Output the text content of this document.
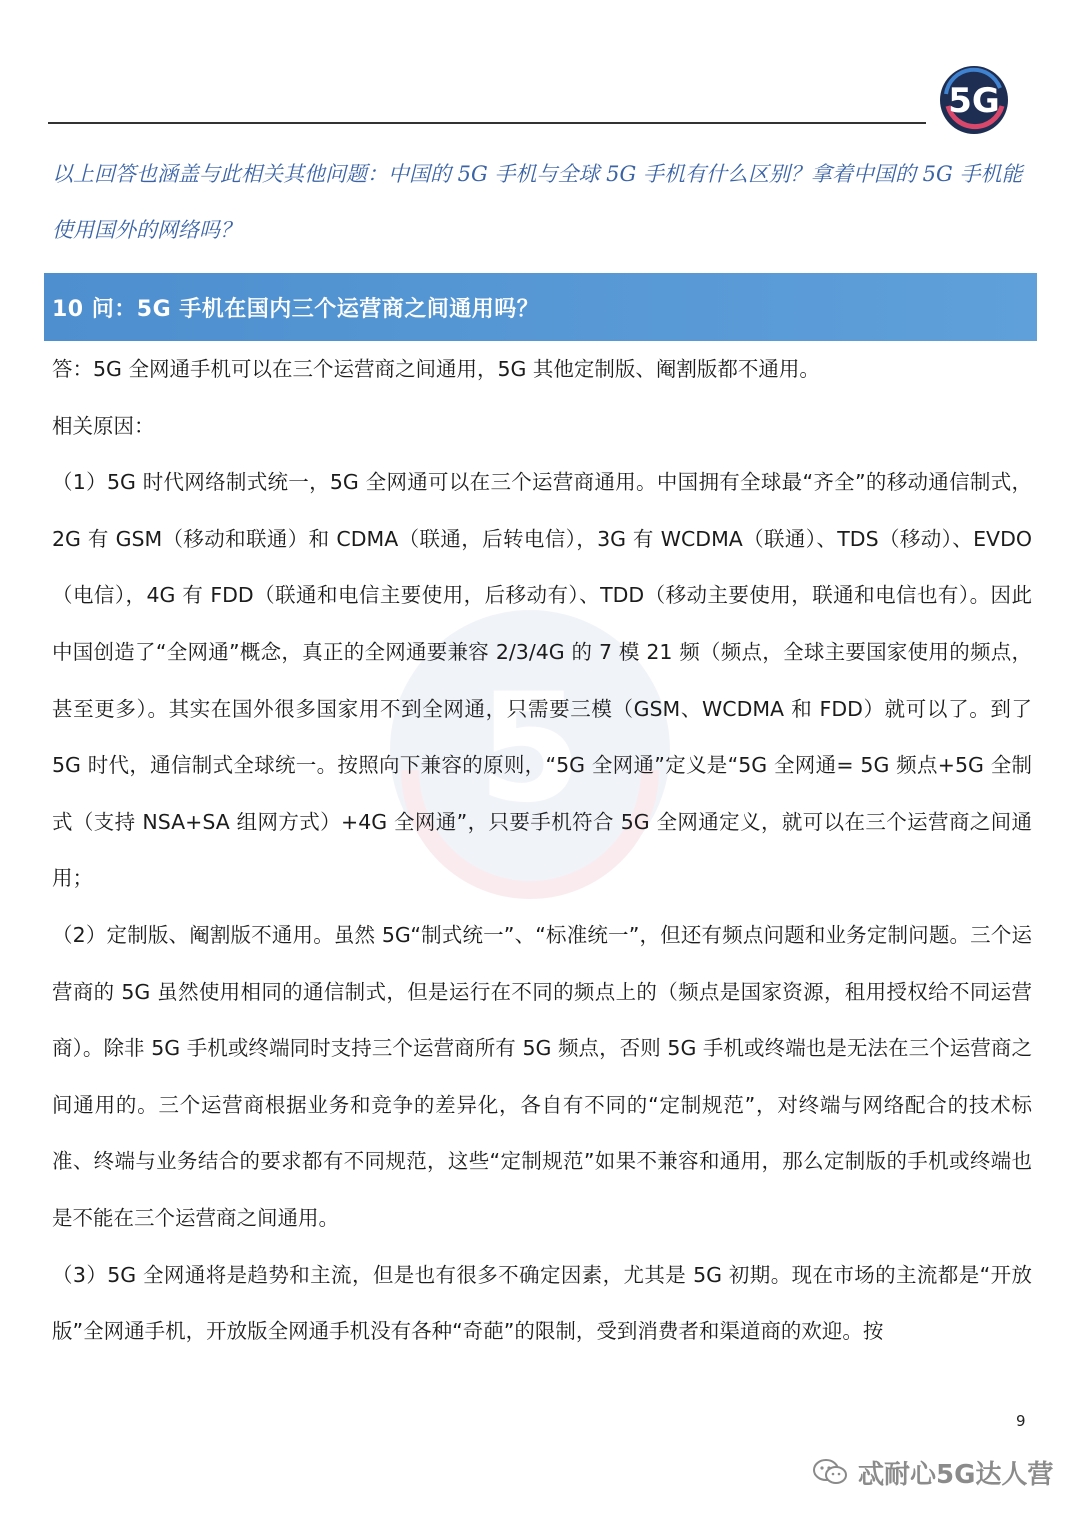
5G
5

以上回答也涵盖与此相关其他问题：中国的 5G 手机与全球 5G 手机有什么区别？拿着中国的 5G 手机能使用国外的网络吗？

10 问：5G 手机在国内三个运营商之间通用吗？

答：5G 全网通手机可以在三个运营商之间通用，5G 其他定制版、阉割版都不通用。

相关原因：

（1）5G 时代网络制式统一，5G 全网通可以在三个运营商通用。中国拥有全球最“齐全”的移动通信制式，2G 有 GSM（移动和联通）和 CDMA（联通，后转电信），3G 有 WCDMA（联通）、TDS（移动）、EVDO（电信），4G 有 FDD（联通和电信主要使用，后移动有）、TDD（移动主要使用，联通和电信也有）。因此中国创造了“全网通”概念，真正的全网通要兼容 2/3/4G 的 7 模 21 频（频点，全球主要国家使用的频点，甚至更多）。其实在国外很多国家用不到全网通，只需要三模（GSM、WCDMA 和 FDD）就可以了。到了 5G 时代，通信制式全球统一。按照向下兼容的原则，“5G 全网通”定义是“5G 全网通= 5G 频点+5G 全制式（支持 NSA+SA 组网方式）+4G 全网通”，只要手机符合 5G 全网通定义，就可以在三个运营商之间通用；

（2）定制版、阉割版不通用。虽然 5G“制式统一”、“标准统一”，但还有频点问题和业务定制问题。三个运营商的 5G 虽然使用相同的通信制式，但是运行在不同的频点上的（频点是国家资源，租用授权给不同运营商）。除非 5G 手机或终端同时支持三个运营商所有 5G 频点，否则 5G 手机或终端也是无法在三个运营商之间通用的。三个运营商根据业务和竞争的差异化，各自有不同的“定制规范”，对终端与网络配合的技术标准、终端与业务结合的要求都有不同规范，这些“定制规范”如果不兼容和通用，那么定制版的手机或终端也是不能在三个运营商之间通用。

（3）5G 全网通将是趋势和主流，但是也有很多不确定因素，尤其是 5G 初期。现在市场的主流都是“开放版”全网通手机，开放版全网通手机没有各种“奇葩”的限制，受到消费者和渠道商的欢迎。按

9
忒耐心5G达人营
